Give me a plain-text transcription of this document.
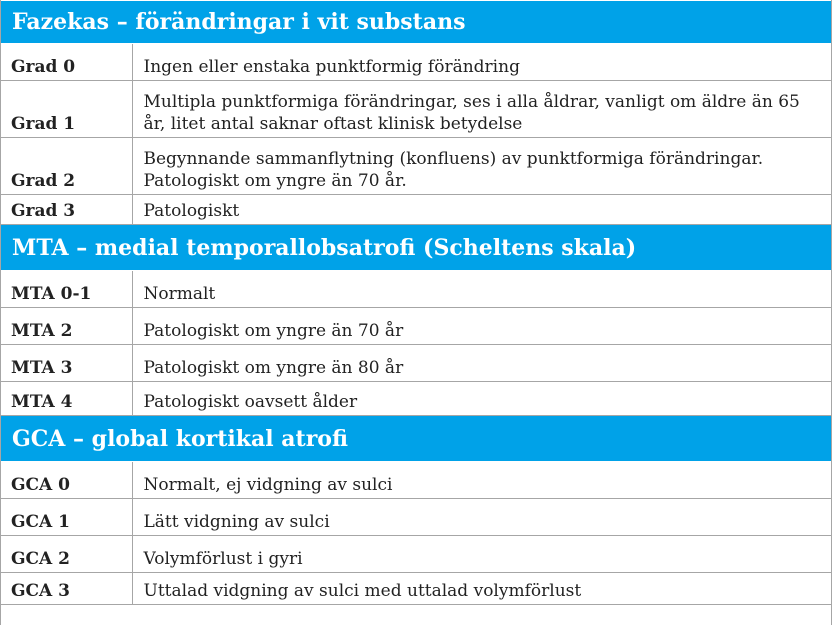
Fazekas – förändringar i vit substans	
Grad 0	Ingen eller enstaka punktformig förändring
Grad 1	Multipla punktformiga förändringar, ses i alla åldrar, vanligt om äldre än 65 år, litet antal saknar oftast klinisk betydelse
Grad 2	Begynnande sammanflytning (konfluens) av punktformiga förändringar. Patologiskt om yngre än 70 år.
Grad 3	Patologiskt
MTA – medial temporallobsatrofi (Scheltens skala)	
MTA 0-1	Normalt
MTA 2	Patologiskt om yngre än 70 år
MTA 3	Patologiskt om yngre än 80 år
MTA 4	Patologiskt oavsett ålder
GCA – global kortikal atrofi	
GCA 0	Normalt, ej vidgning av sulci
GCA 1	Lätt vidgning av sulci
GCA 2	Volymförlust i gyri
GCA 3	Uttalad vidgning av sulci med uttalad volymförlust
